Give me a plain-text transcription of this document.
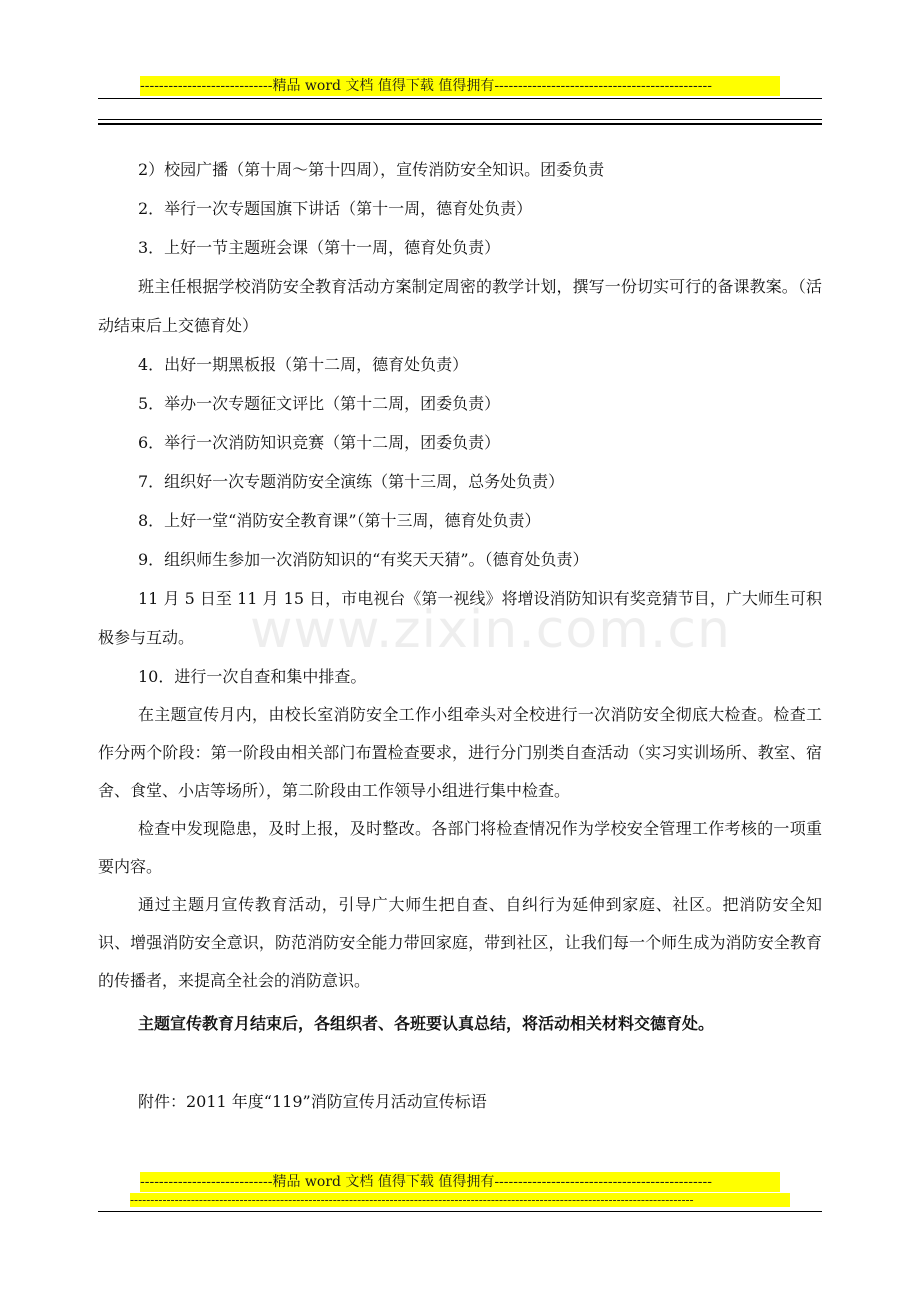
----------------------------精品 word 文档 值得下载 值得拥有----------------------------------------------
www.zixin.com.cn

2）校园广播（第十周～第十四周），宣传消防安全知识。团委负责

2．举行一次专题国旗下讲话（第十一周，德育处负责）

3．上好一节主题班会课（第十一周，德育处负责）

班主任根据学校消防安全教育活动方案制定周密的教学计划，撰写一份切实可行的备课教案。（活动结束后上交德育处）

4．出好一期黑板报（第十二周，德育处负责）

5．举办一次专题征文评比（第十二周，团委负责）

6．举行一次消防知识竞赛（第十二周，团委负责）

7．组织好一次专题消防安全演练（第十三周，总务处负责）

8．上好一堂“消防安全教育课”（第十三周，德育处负责）

9．组织师生参加一次消防知识的“有奖天天猜”。（德育处负责）

11 月 5 日至 11 月 15 日，市电视台《第一视线》将增设消防知识有奖竞猜节目，广大师生可积极参与互动。

10．进行一次自查和集中排查。

在主题宣传月内，由校长室消防安全工作小组牵头对全校进行一次消防安全彻底大检查。检查工作分两个阶段：第一阶段由相关部门布置检查要求，进行分门别类自查活动（实习实训场所、教室、宿舍、食堂、小店等场所），第二阶段由工作领导小组进行集中检查。

检查中发现隐患，及时上报，及时整改。各部门将检查情况作为学校安全管理工作考核的一项重要内容。

通过主题月宣传教育活动，引导广大师生把自查、自纠行为延伸到家庭、社区。把消防安全知识、增强消防安全意识，防范消防安全能力带回家庭，带到社区，让我们每一个师生成为消防安全教育的传播者，来提高全社会的消防意识。

主题宣传教育月结束后，各组织者、各班要认真总结，将活动相关材料交德育处。

附件：2011 年度“119”消防宣传月活动宣传标语

----------------------------精品 word 文档 值得下载 值得拥有----------------------------------------------
-------------------------------------------------------------------------------------------------------------------------------------------
